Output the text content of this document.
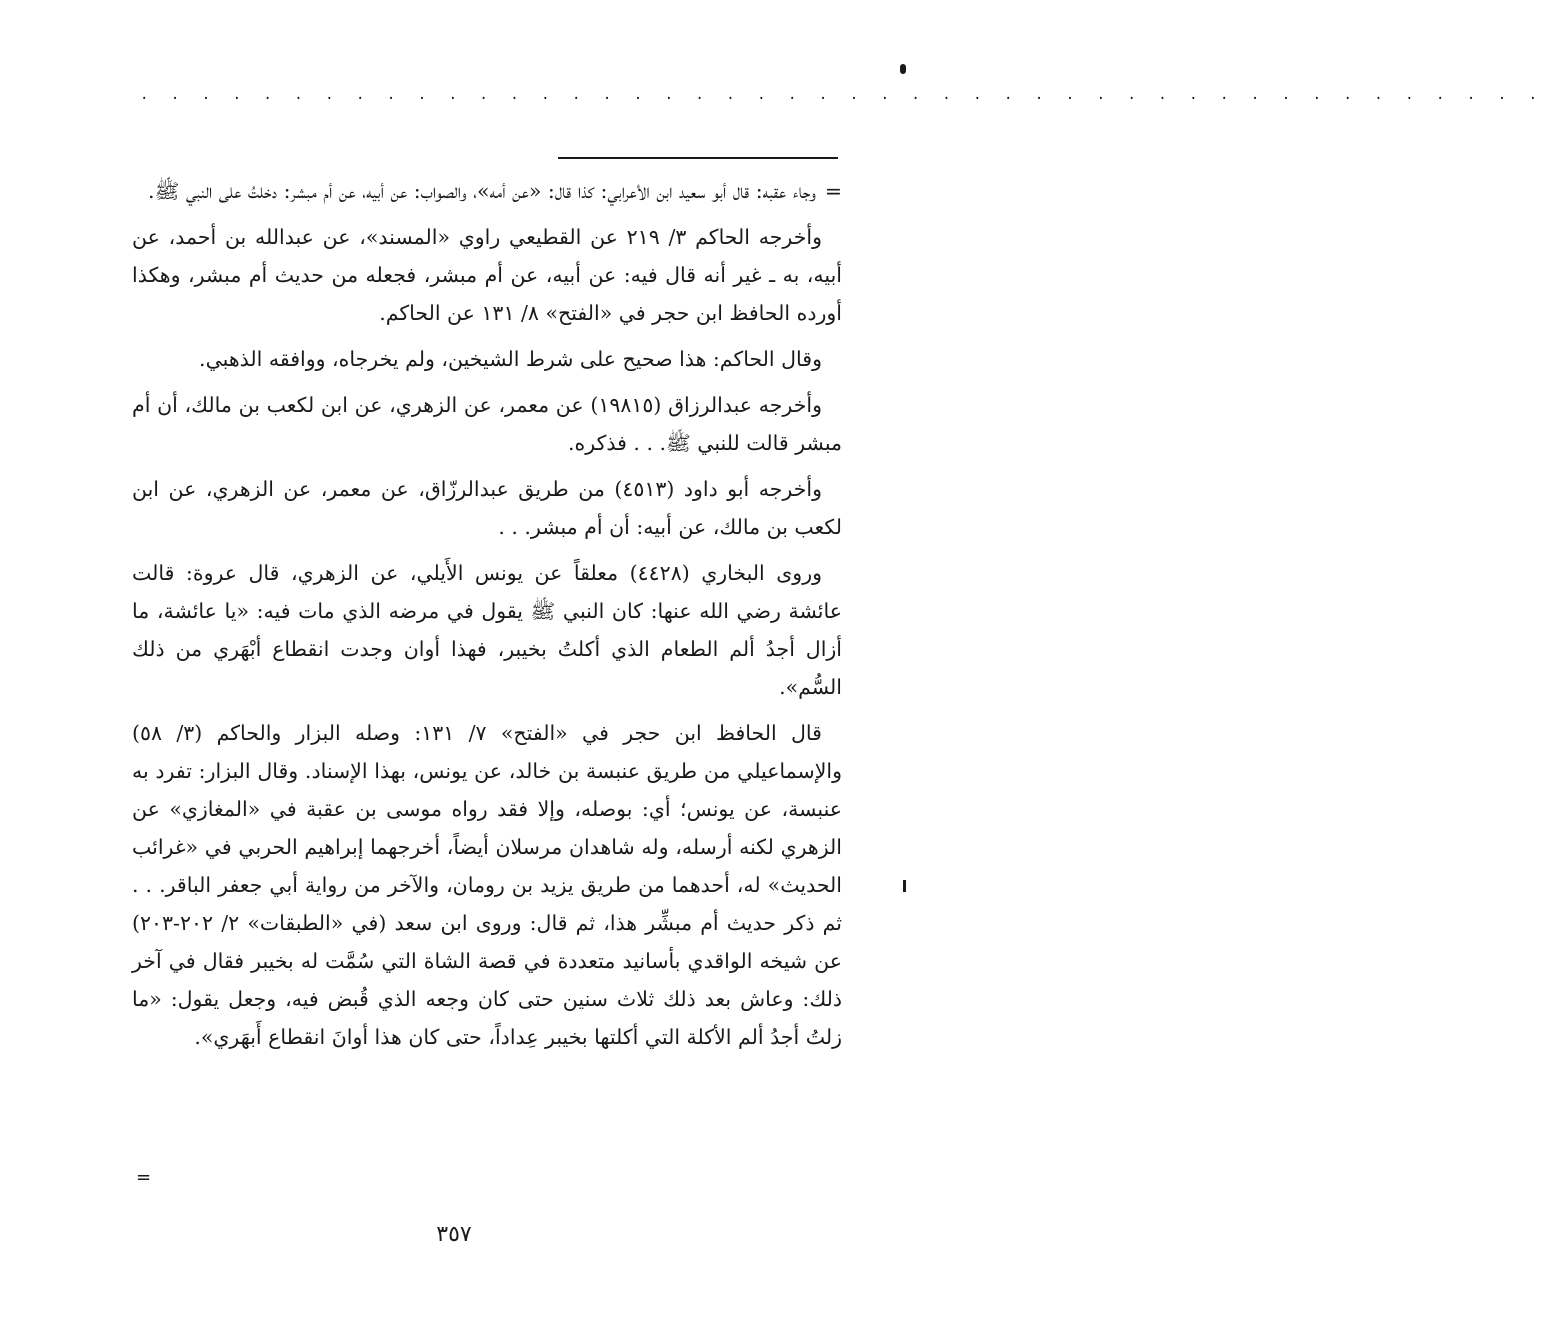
. . . . . . . . . . . . . . . . . . . . . . . . . . . . . . . . . . . . . . . . . . . . . .

=وجاء عقبه: قال أبو سعيد ابن الأعرابي: كذا قال: «عن أمه»، والصواب: عن أبيه، عن أم مبشر: دخلتُ على النبي ﷺ.

وأخرجه الحاكم ٣/ ٢١٩ عن القطيعي راوي «المسند»، عن عبدالله بن أحمد، عن أبيه، به ـ غير أنه قال فيه: عن أبيه، عن أم مبشر، فجعله من حديث أم مبشر، وهكذا أورده الحافظ ابن حجر في «الفتح» ٨/ ١٣١ عن الحاكم.

وقال الحاكم: هذا صحيح على شرط الشيخين، ولم يخرجاه، ووافقه الذهبي.

وأخرجه عبدالرزاق (١٩٨١٥) عن معمر، عن الزهري، عن ابن لكعب بن مالك، أن أم مبشر قالت للنبي ﷺ. . . فذكره.

وأخرجه أبو داود (٤٥١٣) من طريق عبدالرزّاق، عن معمر، عن الزهري، عن ابن لكعب بن مالك، عن أبيه: أن أم مبشر. . .

وروى البخاري (٤٤٢٨) معلقاً عن يونس الأَيلي، عن الزهري، قال عروة: قالت عائشة رضي الله عنها: كان النبي ﷺ يقول في مرضه الذي مات فيه: «يا عائشة، ما أزال أجدُ ألم الطعام الذي أكلتُ بخيبر، فهذا أوان وجدت انقطاع أبْهَري من ذلك السُّم».

قال الحافظ ابن حجر في «الفتح» ٧/ ١٣١: وصله البزار والحاكم (٣/ ٥٨) والإسماعيلي من طريق عنبسة بن خالد، عن يونس، بهذا الإسناد. وقال البزار: تفرد به عنبسة، عن يونس؛ أي: بوصله، وإلا فقد رواه موسى بن عقبة في «المغازي» عن الزهري لكنه أرسله، وله شاهدان مرسلان أيضاً، أخرجهما إبراهيم الحربي في «غرائب الحديث» له، أحدهما من طريق يزيد بن رومان، والآخر من رواية أبي جعفر الباقر. . . ثم ذكر حديث أم مبشِّر هذا، ثم قال: وروى ابن سعد (في «الطبقات» ٢/ ٢٠٢-٢٠٣) عن شيخه الواقدي بأسانيد متعددة في قصة الشاة التي سُمَّت له بخيبر فقال في آخر ذلك: وعاش بعد ذلك ثلاث سنين حتى كان وجعه الذي قُبض فيه، وجعل يقول: «ما زلتُ أجدُ ألم الأكلة التي أكلتها بخيبر عِداداً، حتى كان هذا أوانَ انقطاع أَبهَري».

=
٣٥٧
